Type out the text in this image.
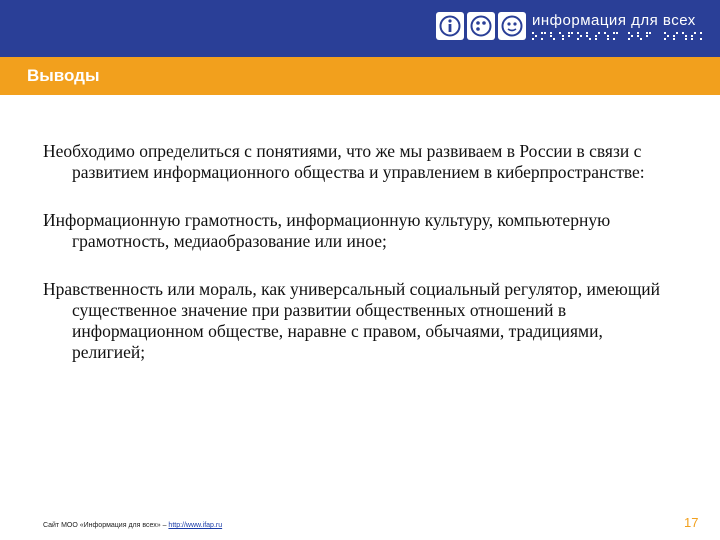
информация для всех
Выводы

Необходимо определиться с понятиями, что же мы развиваем в России в связи с развитием информационного общества и управлением в киберпространстве:

Информационную грамотность, информационную культуру, компьютерную грамотность, медиаобразование или иное;

Нравственность или мораль, как универсальный социальный регулятор, имеющий существенное значение при развитии общественных отношений в информационном обществе, наравне с правом, обычаями, традициями, религией;

Сайт МОО «Информация для всех» – http://www.ifap.ru	17
